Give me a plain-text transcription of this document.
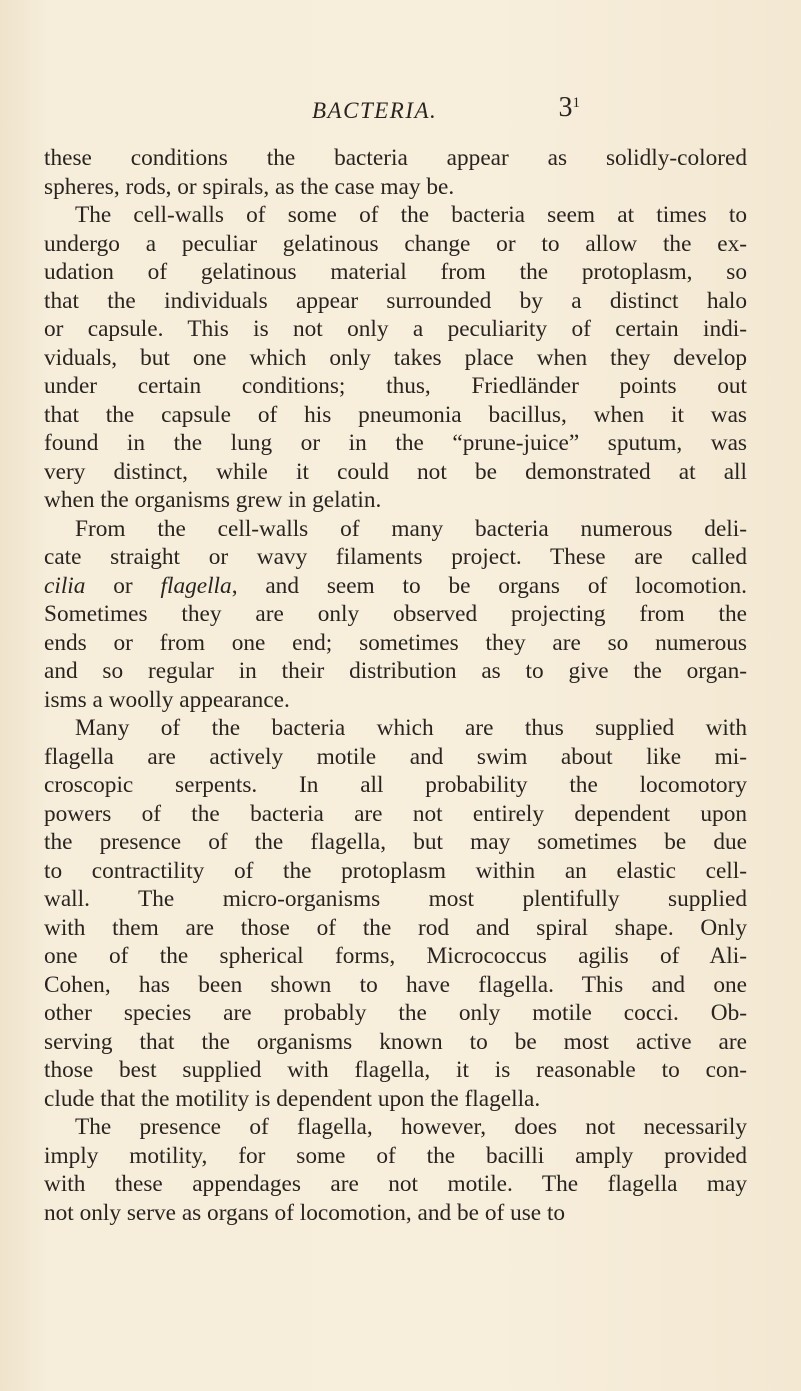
BACTERIA.	$3^1$
these conditions the bacteria appear as solidly-colored
spheres, rods, or spirals, as the case may be.
The cell-walls of some of the bacteria seem at times to
undergo a peculiar gelatinous change or to allow the ex-
udation of gelatinous material from the protoplasm, so
that the individuals appear surrounded by a distinct halo
or capsule. This is not only a peculiarity of certain indi-
viduals, but one which only takes place when they develop
under certain conditions; thus, Friedländer points out
that the capsule of his pneumonia bacillus, when it was
found in the lung or in the “prune-juice” sputum, was
very distinct, while it could not be demonstrated at all
when the organisms grew in gelatin.
From the cell-walls of many bacteria numerous deli-
cate straight or wavy filaments project. These are called
cilia or flagella, and seem to be organs of locomotion.
Sometimes they are only observed projecting from the
ends or from one end; sometimes they are so numerous
and so regular in their distribution as to give the organ-
isms a woolly appearance.
Many of the bacteria which are thus supplied with
flagella are actively motile and swim about like mi-
croscopic serpents. In all probability the locomotory
powers of the bacteria are not entirely dependent upon
the presence of the flagella, but may sometimes be due
to contractility of the protoplasm within an elastic cell-
wall. The micro-organisms most plentifully supplied
with them are those of the rod and spiral shape. Only
one of the spherical forms, Micrococcus agilis of Ali-
Cohen, has been shown to have flagella. This and one
other species are probably the only motile cocci. Ob-
serving that the organisms known to be most active are
those best supplied with flagella, it is reasonable to con-
clude that the motility is dependent upon the flagella.
The presence of flagella, however, does not necessarily
imply motility, for some of the bacilli amply provided
with these appendages are not motile. The flagella may
not only serve as organs of locomotion, and be of use to
